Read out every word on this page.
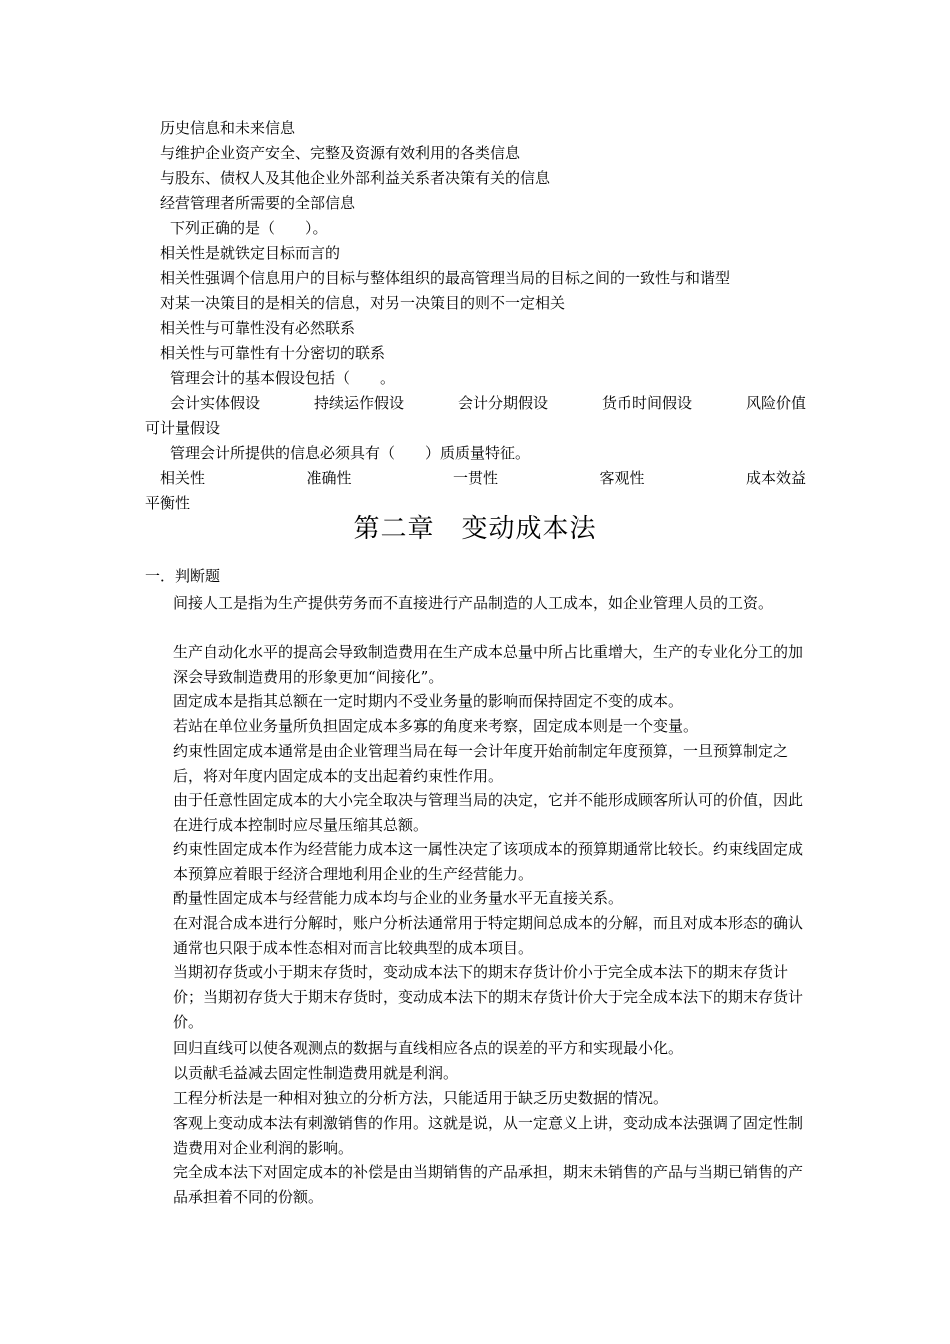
历史信息和未来信息
与维护企业资产安全、完整及资源有效利用的各类信息
与股东、债权人及其他企业外部利益关系者决策有关的信息
经营管理者所需要的全部信息
下列正确的是（　　）。
相关性是就铁定目标而言的
相关性强调个信息用户的目标与整体组织的最高管理当局的目标之间的一致性与和谐型
对某一决策目的是相关的信息，对另一决策目的则不一定相关
相关性与可靠性没有必然联系
相关性与可靠性有十分密切的联系
管理会计的基本假设包括（　　。
会计实体假设	持续运作假设	会计分期假设	货币时间假设	风险价值
可计量假设
管理会计所提供的信息必须具有（　　）质质量特征。
相关性	准确性	一贯性	客观性	成本效益
平衡性
第二章　变动成本法
一．判断题
间接人工是指为生产提供劳务而不直接进行产品制造的人工成本，如企业管理人员的工资。
生产自动化水平的提高会导致制造费用在生产成本总量中所占比重增大，生产的专业化分工的加深会导致制造费用的形象更加“间接化”。
固定成本是指其总额在一定时期内不受业务量的影响而保持固定不变的成本。
若站在单位业务量所负担固定成本多寡的角度来考察，固定成本则是一个变量。
约束性固定成本通常是由企业管理当局在每一会计年度开始前制定年度预算，一旦预算制定之后，将对年度内固定成本的支出起着约束性作用。
由于任意性固定成本的大小完全取决与管理当局的决定，它并不能形成顾客所认可的价值，因此在进行成本控制时应尽量压缩其总额。
约束性固定成本作为经营能力成本这一属性决定了该项成本的预算期通常比较长。约束线固定成本预算应着眼于经济合理地利用企业的生产经营能力。
酌量性固定成本与经营能力成本均与企业的业务量水平无直接关系。
在对混合成本进行分解时，账户分析法通常用于特定期间总成本的分解，而且对成本形态的确认通常也只限于成本性态相对而言比较典型的成本项目。
当期初存货或小于期末存货时，变动成本法下的期末存货计价小于完全成本法下的期末存货计价；当期初存货大于期末存货时，变动成本法下的期末存货计价大于完全成本法下的期末存货计价。
回归直线可以使各观测点的数据与直线相应各点的误差的平方和实现最小化。
以贡献毛益减去固定性制造费用就是利润。
工程分析法是一种相对独立的分析方法，只能适用于缺乏历史数据的情况。
客观上变动成本法有刺激销售的作用。这就是说，从一定意义上讲，变动成本法强调了固定性制造费用对企业利润的影响。
完全成本法下对固定成本的补偿是由当期销售的产品承担，期末未销售的产品与当期已销售的产品承担着不同的份额。
